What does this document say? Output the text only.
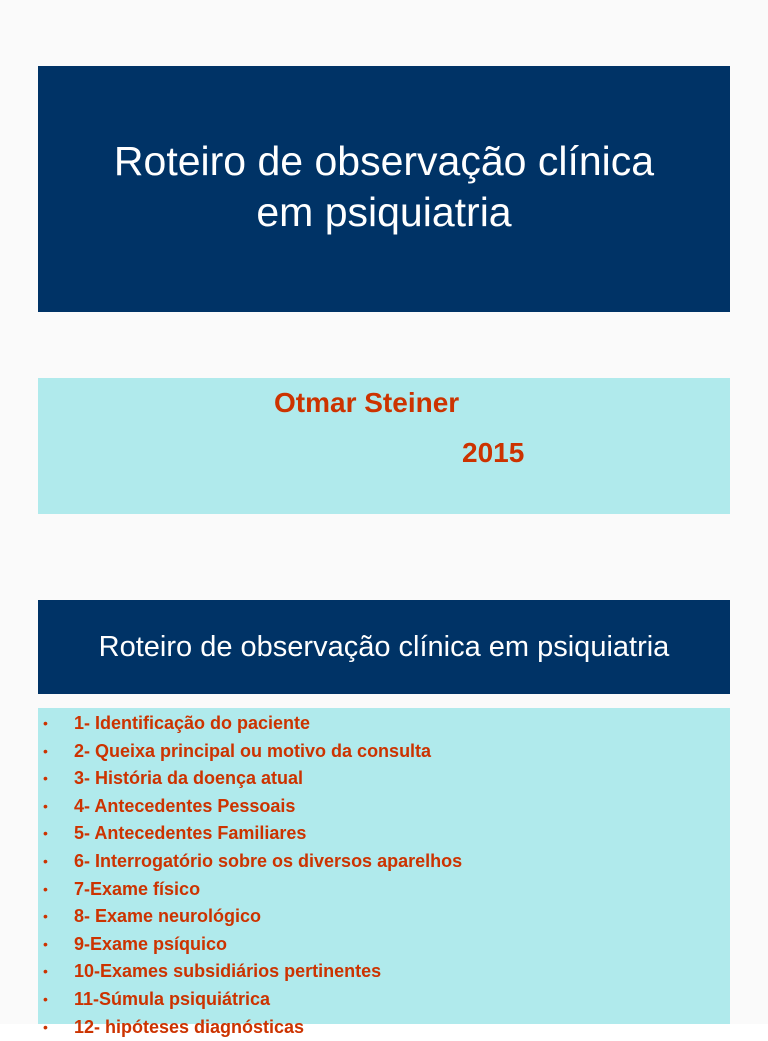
Roteiro de observação clínica
em psiquiatria
Otmar Steiner
2015
Roteiro de observação clínica em psiquiatria
• 1- Identificação do paciente
• 2- Queixa principal ou motivo da consulta
• 3- História da doença atual
• 4- Antecedentes Pessoais
• 5- Antecedentes Familiares
• 6- Interrogatório sobre os diversos aparelhos
• 7-Exame físico
• 8- Exame neurológico
• 9-Exame psíquico
• 10-Exames subsidiários pertinentes
• 11-Súmula psiquiátrica
• 12- hipóteses diagnósticas
